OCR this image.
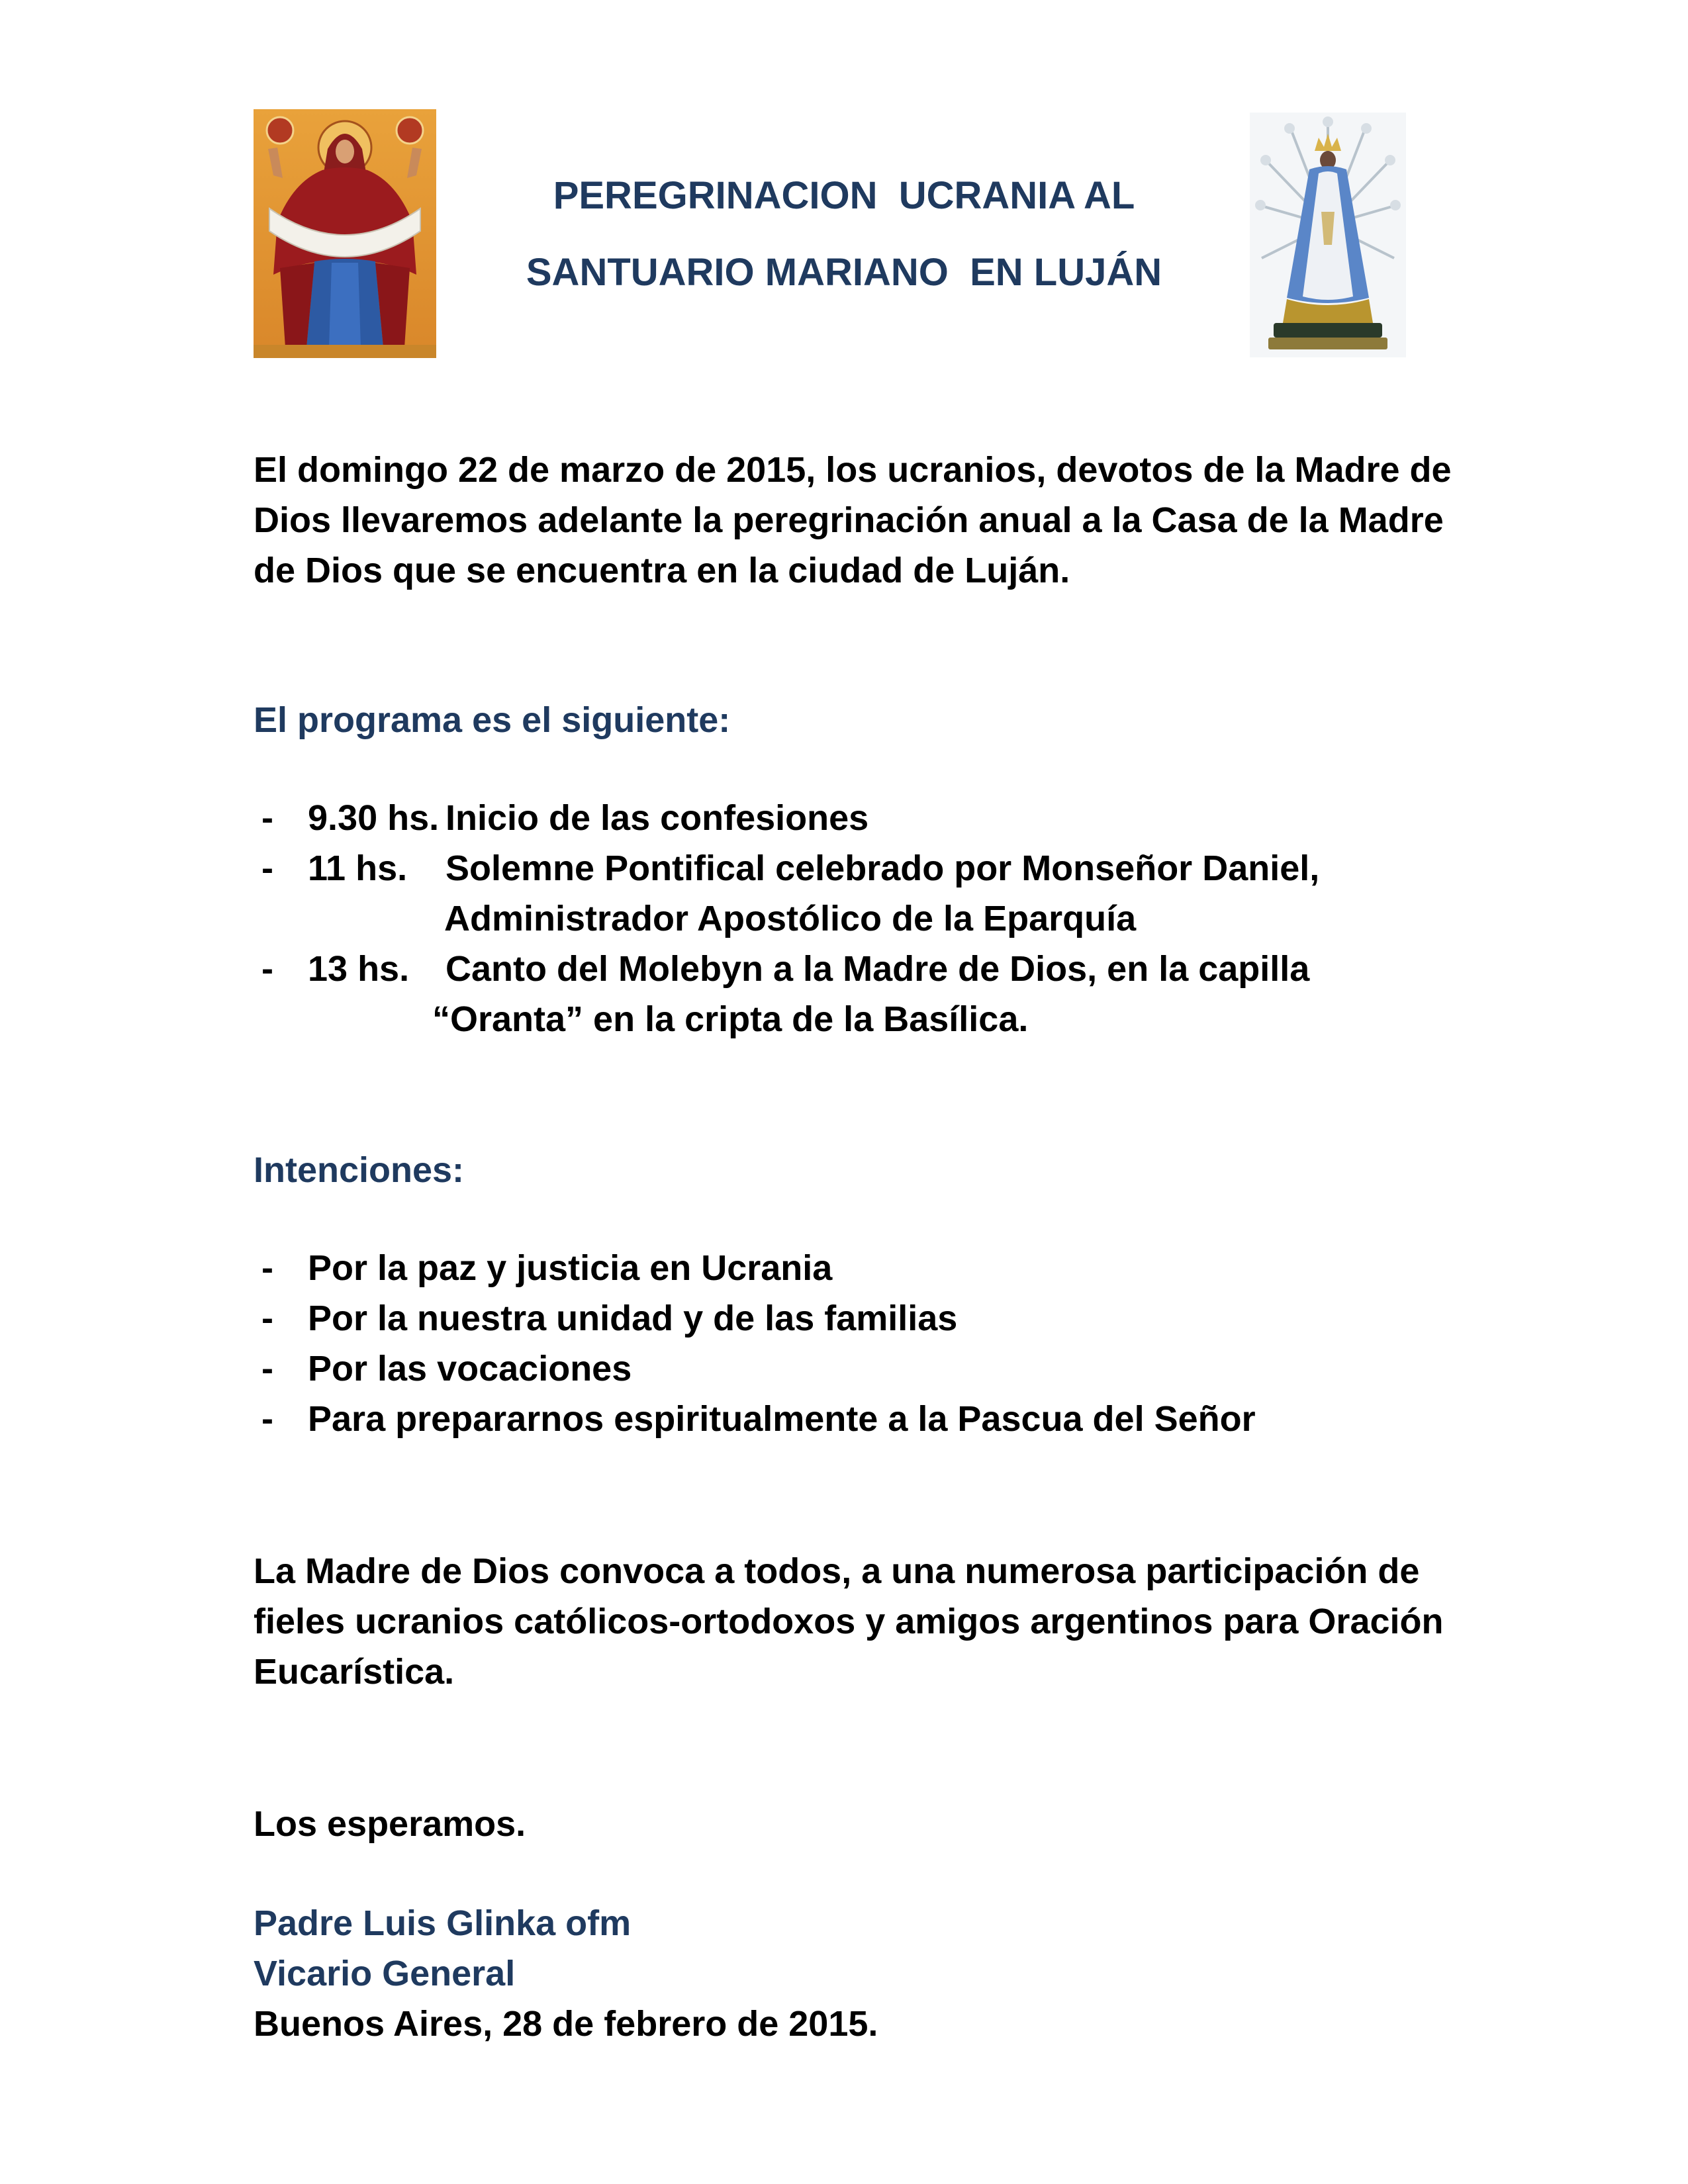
PEREGRINACION  UCRANIA AL
SANTUARIO MARIANO  EN LUJÁN

El domingo 22 de marzo de 2015, los ucranios, devotos de la Madre de Dios llevaremos adelante la peregrinación anual a la Casa de la Madre de Dios que se encuentra en la ciudad de Luján.

El programa es el siguiente:

- 9.30 hs. Inicio de las confesiones
- 11 hs. Solemne Pontifical celebrado por Monseñor Daniel,
Administrador Apostólico de la Eparquía
- 13 hs. Canto del Molebyn a la Madre de Dios, en la capilla
“Oranta” en la cripta de la Basílica.

Intenciones:

- Por la paz y justicia en Ucrania
- Por la nuestra unidad y de las familias
- Por las vocaciones
- Para prepararnos espiritualmente a la Pascua del Señor

La Madre de Dios convoca a todos, a una numerosa participación de fieles ucranios católicos-ortodoxos y amigos argentinos para Oración Eucarística.

Los esperamos.

Padre Luis Glinka ofm
Vicario General
Buenos Aires, 28 de febrero de 2015.
